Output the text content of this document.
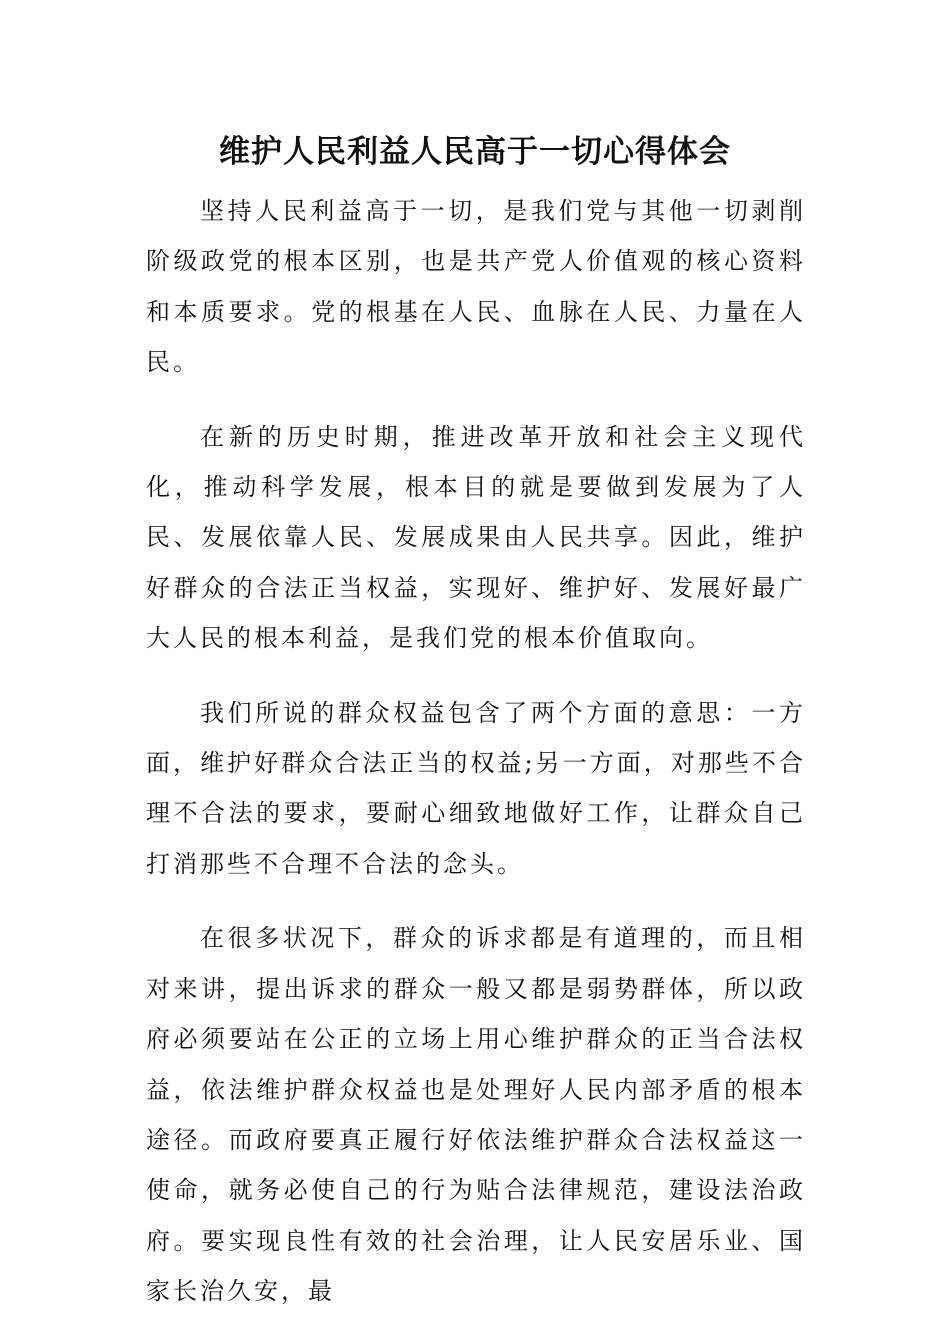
维护人民利益人民高于一切心得体会

坚持人民利益高于一切，是我们党与其他一切剥削阶级政党的根本区别，也是共产党人价值观的核心资料和本质要求。党的根基在人民、血脉在人民、力量在人民。

在新的历史时期，推进改革开放和社会主义现代化，推动科学发展，根本目的就是要做到发展为了人民、发展依靠人民、发展成果由人民共享。因此，维护好群众的合法正当权益，实现好、维护好、发展好最广大人民的根本利益，是我们党的根本价值取向。

我们所说的群众权益包含了两个方面的意思：一方面，维护好群众合法正当的权益;另一方面，对那些不合理不合法的要求，要耐心细致地做好工作，让群众自己打消那些不合理不合法的念头。

在很多状况下，群众的诉求都是有道理的，而且相对来讲，提出诉求的群众一般又都是弱势群体，所以政府必须要站在公正的立场上用心维护群众的正当合法权益，依法维护群众权益也是处理好人民内部矛盾的根本途径。而政府要真正履行好依法维护群众合法权益这一使命，就务必使自己的行为贴合法律规范，建设法治政府。要实现良性有效的社会治理，让人民安居乐业、国家长治久安，最
